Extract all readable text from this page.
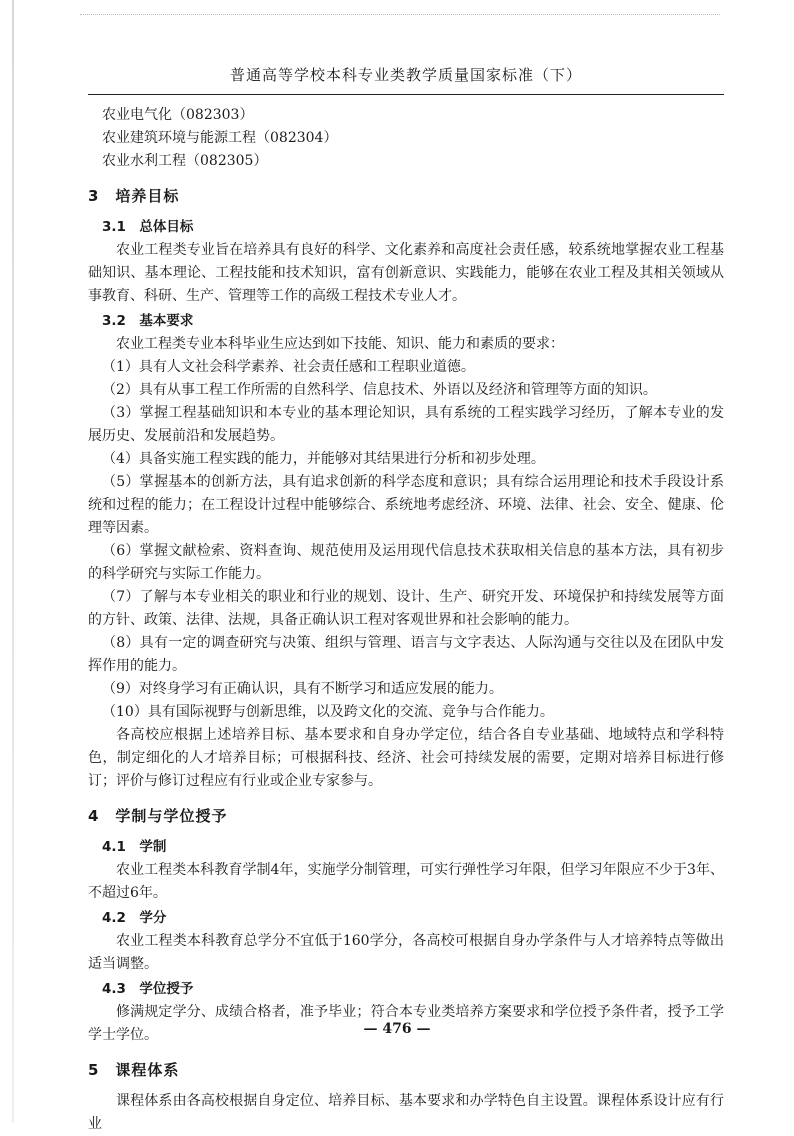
普通高等学校本科专业类教学质量国家标准（下）
农业电气化（082303）
农业建筑环境与能源工程（082304）
农业水利工程（082305）
3　培养目标
3.1　总体目标

农业工程类专业旨在培养具有良好的科学、文化素养和高度社会责任感，较系统地掌握农业工程基础知识、基本理论、工程技能和技术知识，富有创新意识、实践能力，能够在农业工程及其相关领域从事教育、科研、生产、管理等工作的高级工程技术专业人才。

3.2　基本要求

农业工程类专业本科毕业生应达到如下技能、知识、能力和素质的要求：

（1）具有人文社会科学素养、社会责任感和工程职业道德。

（2）具有从事工程工作所需的自然科学、信息技术、外语以及经济和管理等方面的知识。

（3）掌握工程基础知识和本专业的基本理论知识，具有系统的工程实践学习经历，了解本专业的发展历史、发展前沿和发展趋势。

（4）具备实施工程实践的能力，并能够对其结果进行分析和初步处理。

（5）掌握基本的创新方法，具有追求创新的科学态度和意识；具有综合运用理论和技术手段设计系统和过程的能力；在工程设计过程中能够综合、系统地考虑经济、环境、法律、社会、安全、健康、伦理等因素。

（6）掌握文献检索、资料查询、规范使用及运用现代信息技术获取相关信息的基本方法，具有初步的科学研究与实际工作能力。

（7）了解与本专业相关的职业和行业的规划、设计、生产、研究开发、环境保护和持续发展等方面的方针、政策、法律、法规，具备正确认识工程对客观世界和社会影响的能力。

（8）具有一定的调查研究与决策、组织与管理、语言与文字表达、人际沟通与交往以及在团队中发挥作用的能力。

（9）对终身学习有正确认识，具有不断学习和适应发展的能力。

（10）具有国际视野与创新思维，以及跨文化的交流、竞争与合作能力。

各高校应根据上述培养目标、基本要求和自身办学定位，结合各自专业基础、地域特点和学科特色，制定细化的人才培养目标；可根据科技、经济、社会可持续发展的需要，定期对培养目标进行修订；评价与修订过程应有行业或企业专家参与。

4　学制与学位授予
4.1　学制

农业工程类本科教育学制4年，实施学分制管理，可实行弹性学习年限，但学习年限应不少于3年、不超过6年。

4.2　学分

农业工程类本科教育总学分不宜低于160学分，各高校可根据自身办学条件与人才培养特点等做出适当调整。

4.3　学位授予

修满规定学分、成绩合格者，准予毕业；符合本专业类培养方案要求和学位授予条件者，授予工学学士学位。

5　课程体系

课程体系由各高校根据自身定位、培养目标、基本要求和办学特色自主设置。课程体系设计应有行业

— 476 —
